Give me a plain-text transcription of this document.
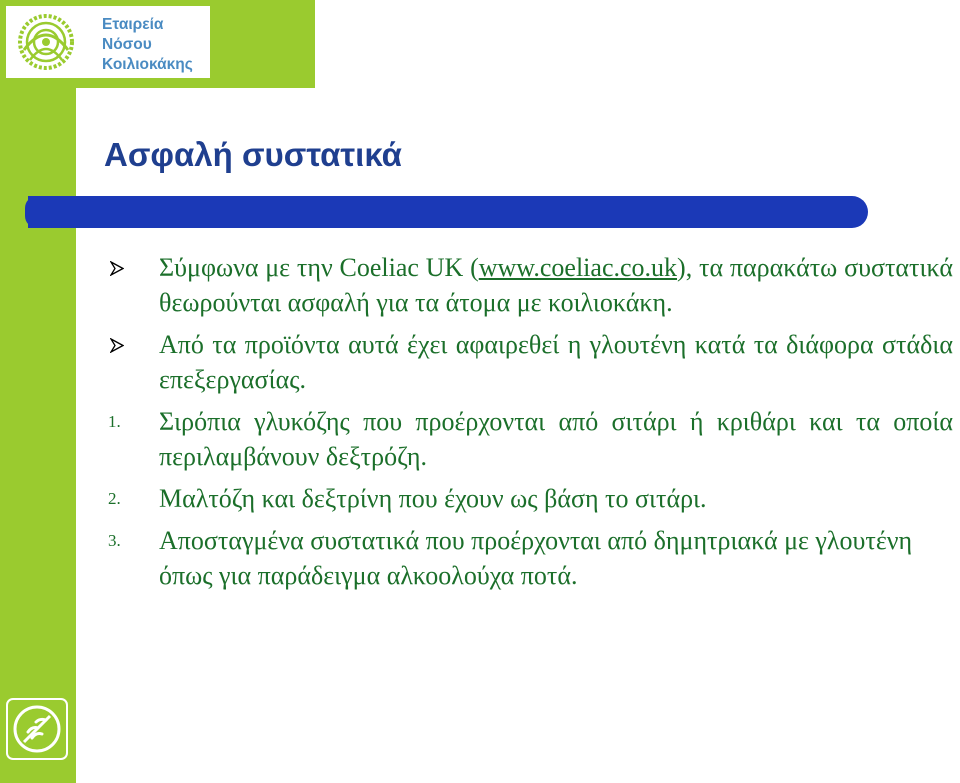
Εταιρεία
Νόσου
Κοιλιοκάκης
Ασφαλή συστατικά
Σύμφωνα με την Coeliac UK (www.coeliac.co.uk), τα παρακάτω συστατικά θεωρούνται ασφαλή για τα άτομα με κοιλιοκάκη.
Από τα προϊόντα αυτά έχει αφαιρεθεί η γλουτένη κατά τα διάφορα στάδια επεξεργασίας.
1.	Σιρόπια γλυκόζης που προέρχονται από σιτάρι ή κριθάρι και τα οποία περιλαμβάνουν δεξτρόζη.
2.	Μαλτόζη και δεξτρίνη που έχουν ως βάση το σιτάρι.
3.	Αποσταγμένα συστατικά που προέρχονται από δημητριακά με γλουτένη όπως για παράδειγμα αλκοολούχα ποτά.
